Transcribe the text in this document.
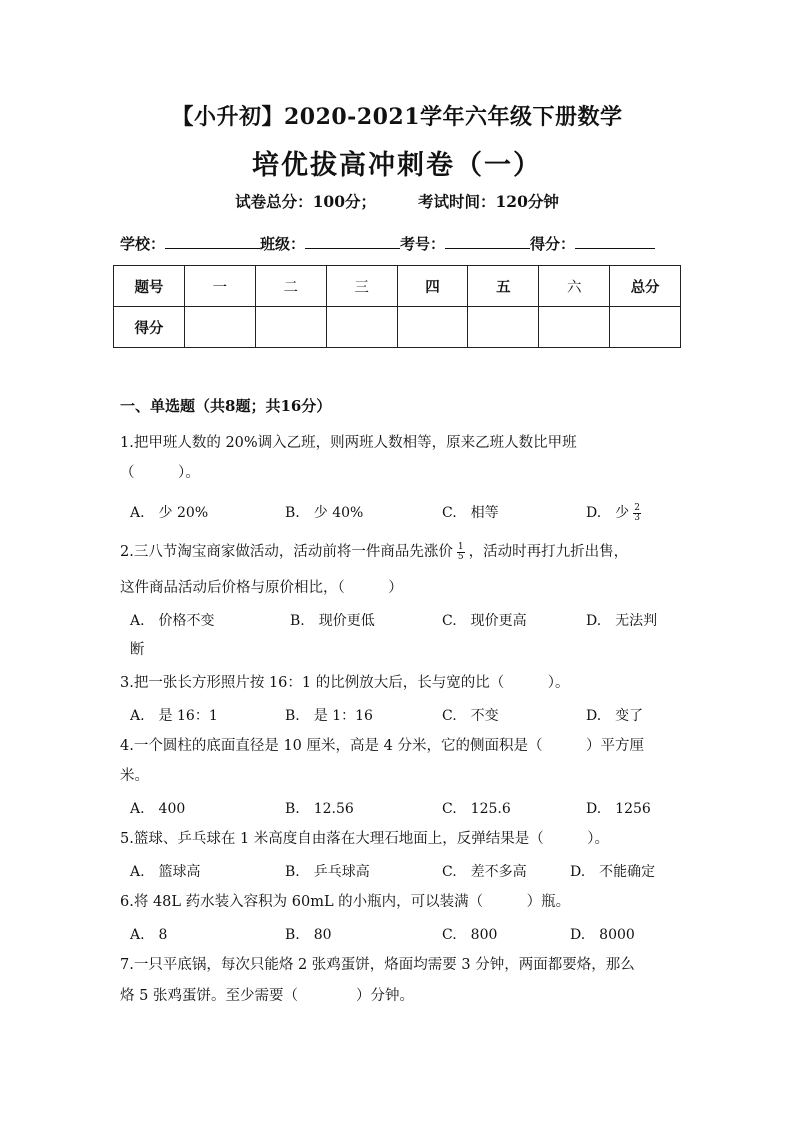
【小升初】2020-2021学年六年级下册数学
培优拔高冲刺卷（一）
试卷总分：100分；	考试时间：120分钟
学校：	班级：	考号：	得分：
题号	一	二	三	四	五	六	总分
得分							
一、单选题（共8题；共16分）
1.把甲班人数的 20%调入乙班，则两班人数相等，原来乙班人数比甲班
（　　　）。
A.　少 20%	B.　少 40%	C.　相等	D.　少 $\frac{2}{3}$
2.三八节淘宝商家做活动，活动前将一件商品先涨价 $\frac{1}{5}$ ，活动时再打九折出售，
这件商品活动后价格与原价相比，（　　　）
A.　价格不变	B.　现价更低	C.　现价更高	D.　无法判
断
3.把一张长方形照片按 16：1 的比例放大后，长与宽的比（　　　）。
A.　是 16：1	B.　是 1：16	C.　不变	D.　变了
4.一个圆柱的底面直径是 10 厘米，高是 4 分米，它的侧面积是（　　　）平方厘
米。
A.　400	B.　12.56	C.　125.6	D.　1256
5.篮球、乒乓球在 1 米高度自由落在大理石地面上，反弹结果是（　　　）。
A.　篮球高	B.　乒乓球高	C.　差不多高	D.　不能确定
6.将 48L 药水装入容积为 60mL 的小瓶内，可以装满（　　　）瓶。
A.　8	B.　80	C.　800	D.　8000
7.一只平底锅，每次只能烙 2 张鸡蛋饼，烙面均需要 3 分钟，两面都要烙，那么
烙 5 张鸡蛋饼。至少需要（　　　　）分钟。
